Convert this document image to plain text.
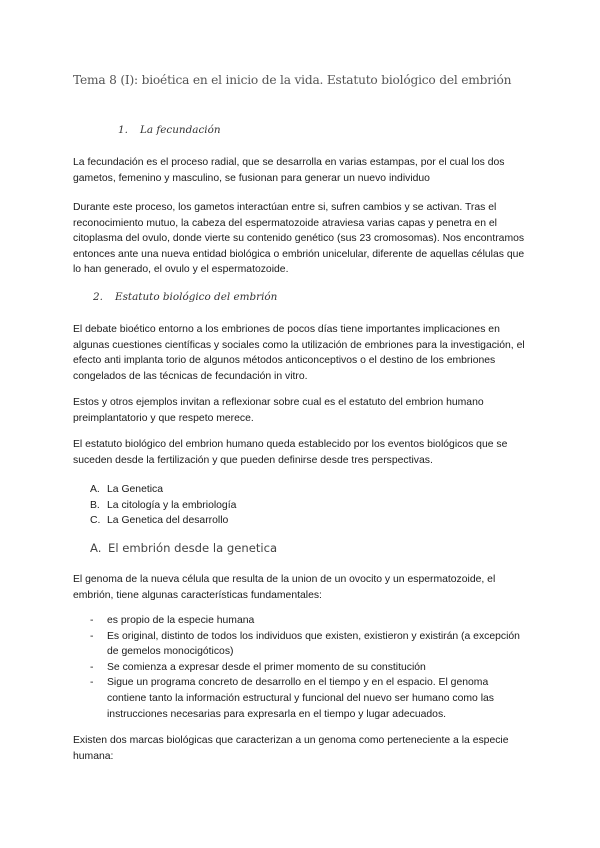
Tema 8 (I): bioética en el inicio de la vida. Estatuto biológico del embrión
1. La fecundación

La fecundación es el proceso radial, que se desarrolla en varias estampas, por el cual los dos gametos, femenino y masculino, se fusionan para generar un nuevo individuo

Durante este proceso, los gametos interactúan entre si, sufren cambios y se activan. Tras el reconocimiento mutuo, la cabeza del espermatozoide atraviesa varias capas y penetra en el citoplasma del ovulo, donde vierte su contenido genético (sus 23 cromosomas). Nos encontramos entonces ante una nueva entidad biológica o embrión unicelular, diferente de aquellas células que lo han generado, el ovulo y el espermatozoide.

2. Estatuto biológico del embrión

El debate bioético entorno a los embriones de pocos días tiene importantes implicaciones en algunas cuestiones científicas y sociales como la utilización de embriones para la investigación, el efecto anti implanta torio de algunos métodos anticonceptivos o el destino de los embriones congelados de las técnicas de fecundación in vitro.

Estos y otros ejemplos invitan a reflexionar sobre cual es el estatuto del embrion humano preimplantatorio y que respeto merece.

El estatuto biológico del embrion humano queda establecido por los eventos biológicos que se suceden desde la fertilización y que pueden definirse desde tres perspectivas.

A. La Genetica
B. La citología y la embriología
C. La Genetica del desarrollo
A. El embrión desde la genetica

El genoma de la nueva célula que resulta de la union de un ovocito y un espermatozoide, el embrión, tiene algunas características fundamentales:

- es propio de la especie humana
- Es original, distinto de todos los individuos que existen, existieron y existirán (a excepción de gemelos monocigóticos)
- Se comienza a expresar desde el primer momento de su constitución
- Sigue un programa concreto de desarrollo en el tiempo y en el espacio. El genoma contiene tanto la información estructural y funcional del nuevo ser humano como las instrucciones necesarias para expresarla en el tiempo y lugar adecuados.

Existen dos marcas biológicas que caracterizan a un genoma como perteneciente a la especie humana:
